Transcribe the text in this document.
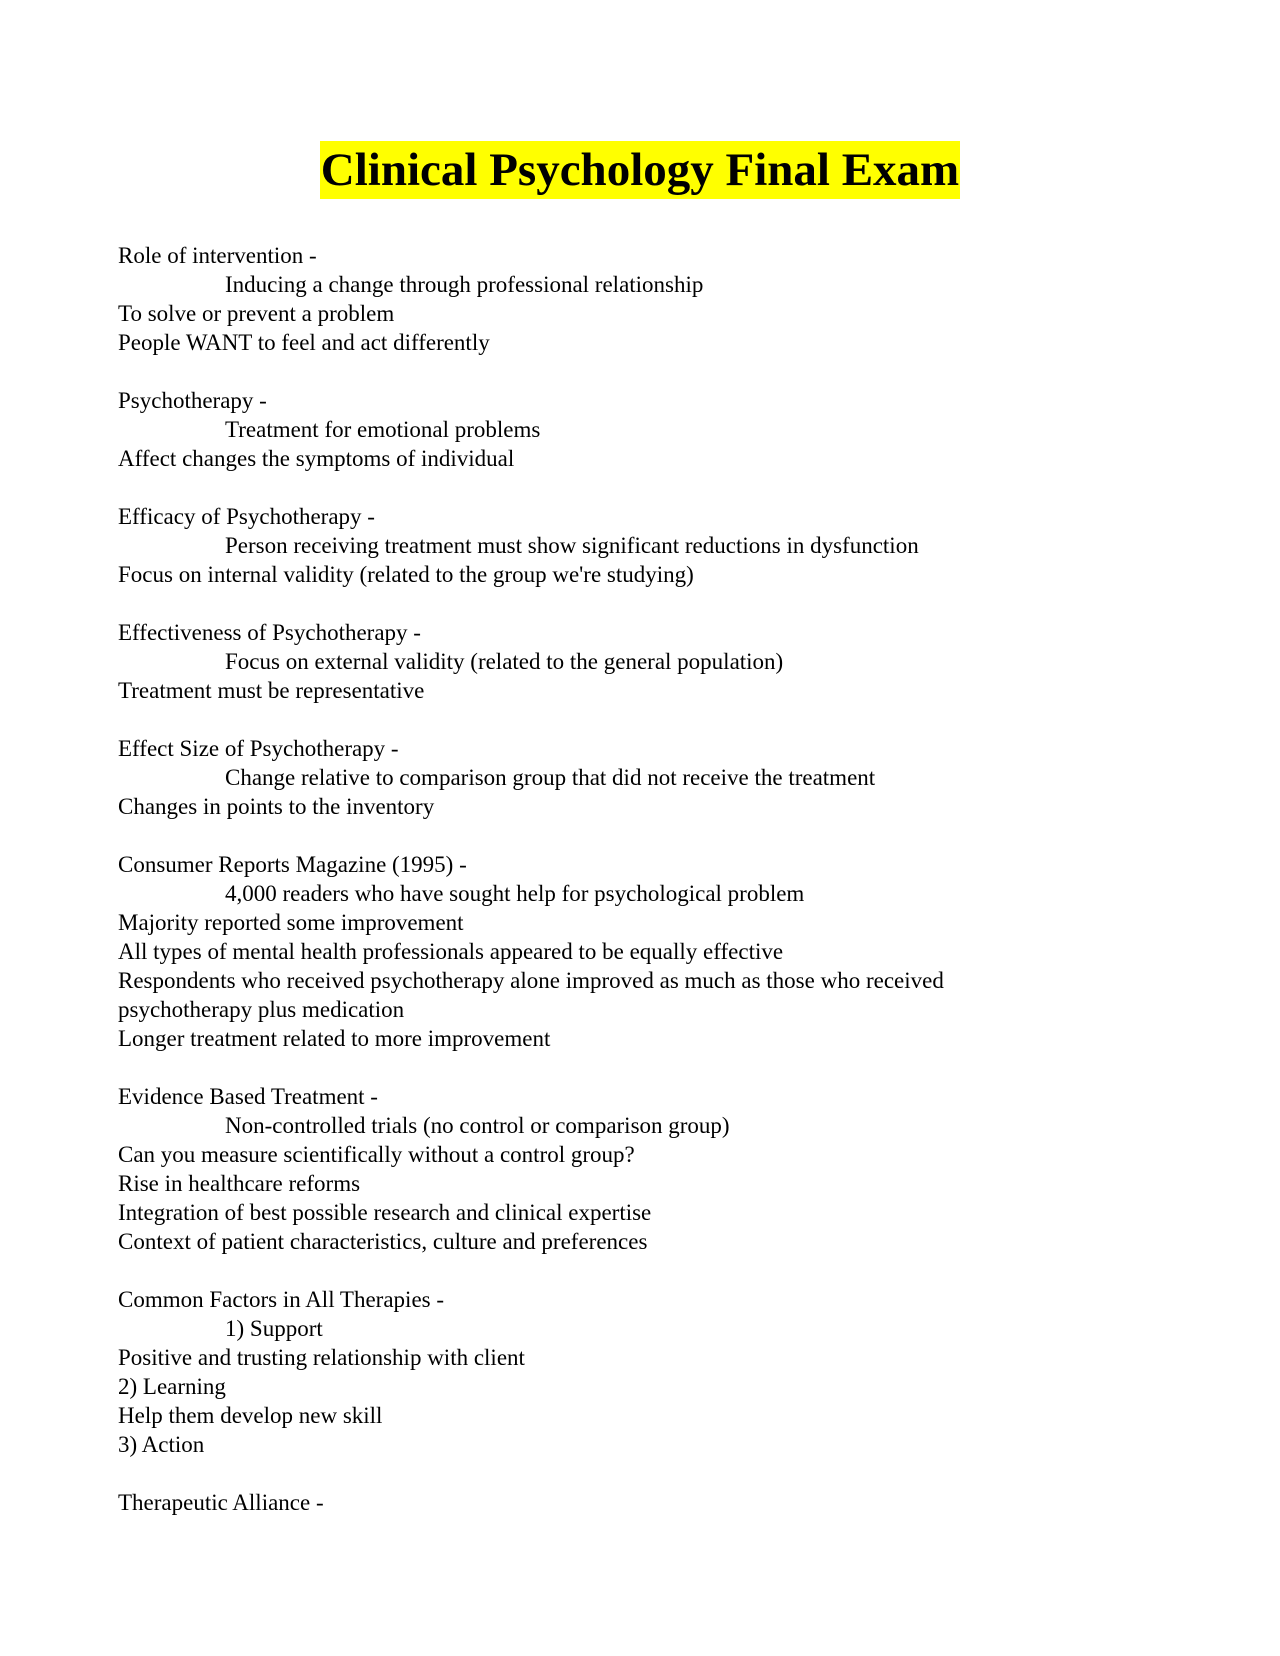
Clinical Psychology Final Exam
Role of intervention -
Inducing a change through professional relationship
To solve or prevent a problem
People WANT to feel and act differently
Psychotherapy -
Treatment for emotional problems
Affect changes the symptoms of individual
Efficacy of Psychotherapy -
Person receiving treatment must show significant reductions in dysfunction
Focus on internal validity (related to the group we're studying)
Effectiveness of Psychotherapy -
Focus on external validity (related to the general population)
Treatment must be representative
Effect Size of Psychotherapy -
Change relative to comparison group that did not receive the treatment
Changes in points to the inventory
Consumer Reports Magazine (1995) -
4,000 readers who have sought help for psychological problem
Majority reported some improvement
All types of mental health professionals appeared to be equally effective
Respondents who received psychotherapy alone improved as much as those who received
psychotherapy plus medication
Longer treatment related to more improvement
Evidence Based Treatment -
Non-controlled trials (no control or comparison group)
Can you measure scientifically without a control group?
Rise in healthcare reforms
Integration of best possible research and clinical expertise
Context of patient characteristics, culture and preferences
Common Factors in All Therapies -
1) Support
Positive and trusting relationship with client
2) Learning
Help them develop new skill
3) Action
Therapeutic Alliance -
